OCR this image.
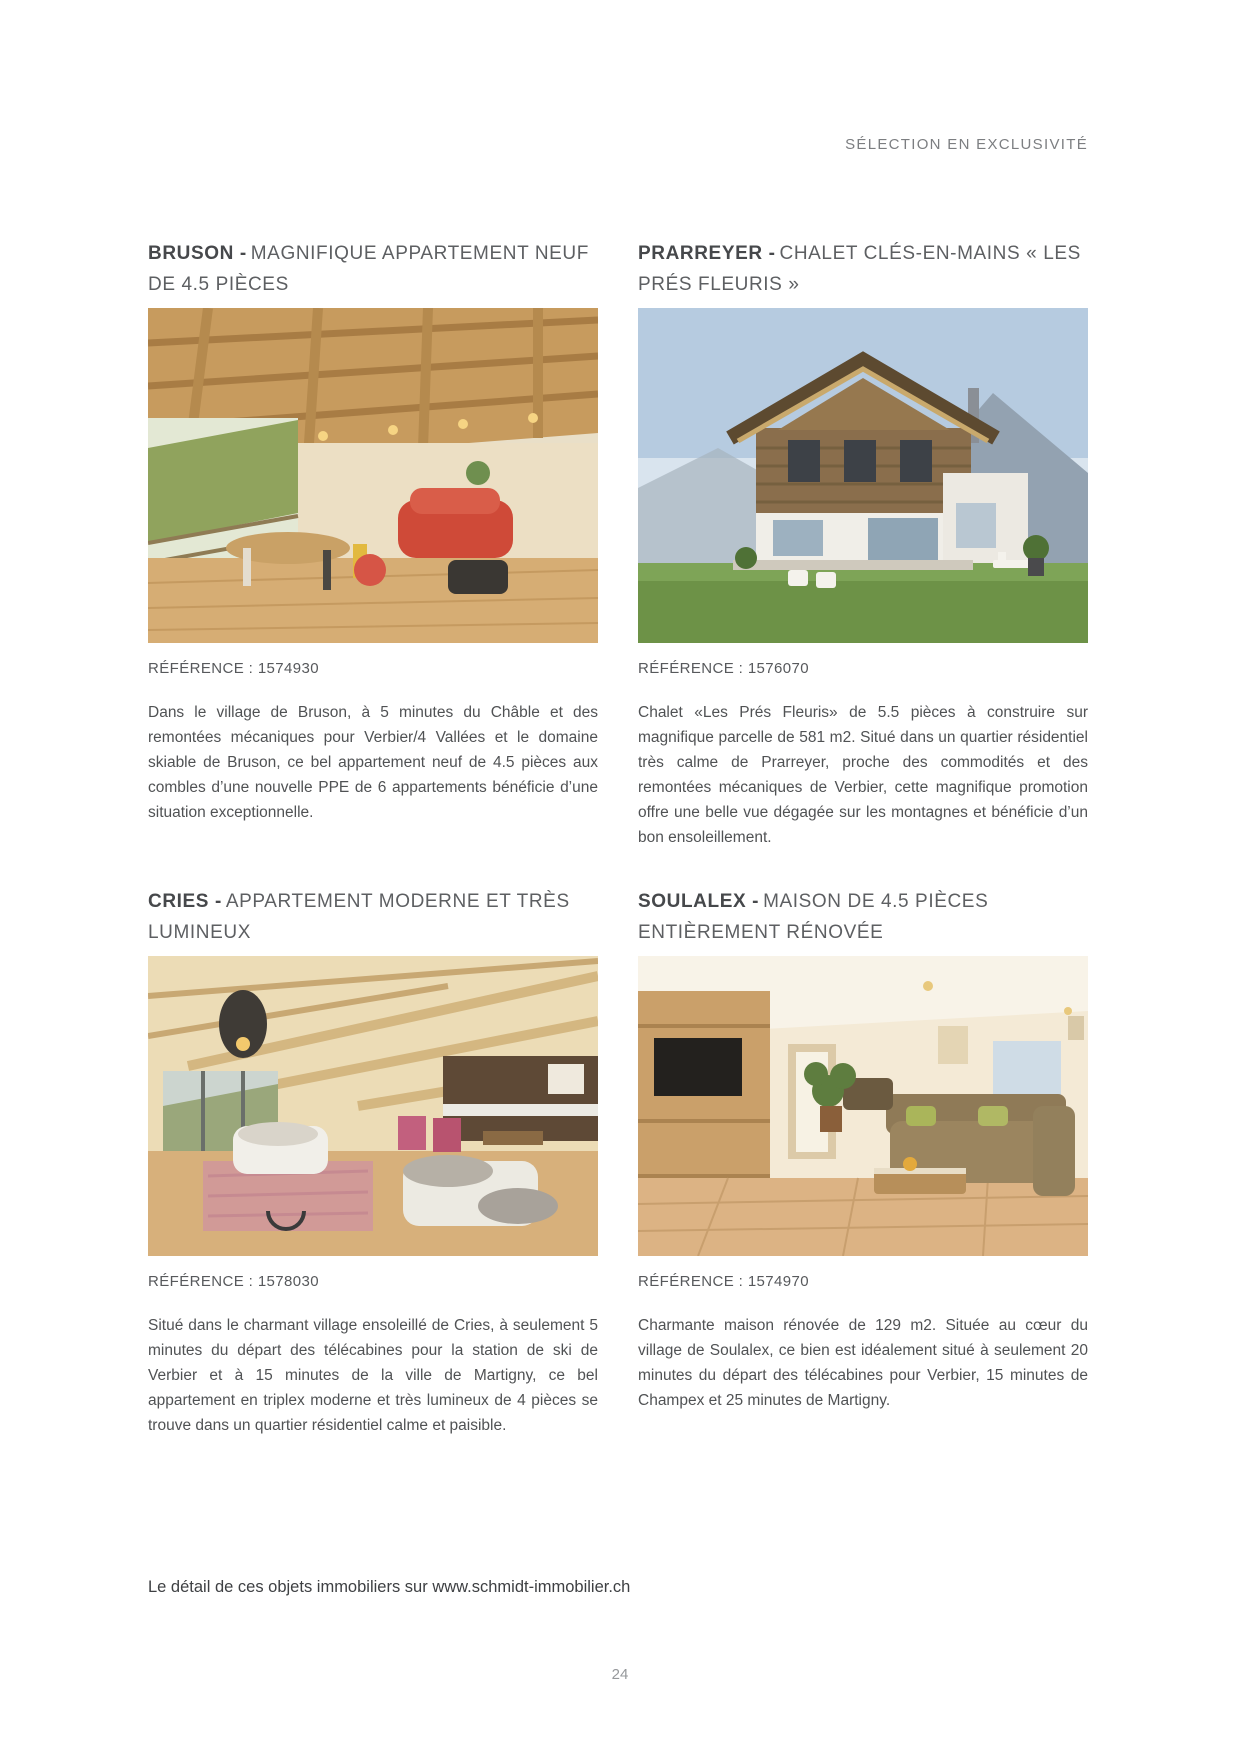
SÉLECTION EN EXCLUSIVITÉ
BRUSON - MAGNIFIQUE APPARTEMENT NEUF DE 4.5 PIÈCES
RÉFÉRENCE : 1574930

Dans le village de Bruson, à 5 minutes du Châble et des remontées mécaniques pour Verbier/4 Vallées et le domaine skiable de Bruson, ce bel appartement neuf de 4.5 pièces aux combles d’une nouvelle PPE de 6 appartements bénéficie d’une situation exceptionnelle.

PRARREYER - CHALET CLÉS-EN-MAINS « LES PRÉS FLEURIS »
RÉFÉRENCE : 1576070

Chalet «Les Prés Fleuris» de 5.5 pièces à construire sur magnifique parcelle de 581 m2. Situé dans un quartier résidentiel très calme de Prarreyer, proche des commodités et des remontées mécaniques de Verbier, cette magnifique promotion offre une belle vue dégagée sur les montagnes et bénéficie d’un bon ensoleillement.

CRIES - APPARTEMENT MODERNE ET TRÈS LUMINEUX
RÉFÉRENCE : 1578030

Situé dans le charmant village ensoleillé de Cries, à seulement 5 minutes du départ des télécabines pour la station de ski de Verbier et à 15 minutes de la ville de Martigny, ce bel appartement en triplex moderne et très lumineux de 4 pièces se trouve dans un quartier résidentiel calme et paisible.

SOULALEX - MAISON DE 4.5 PIÈCES ENTIÈREMENT RÉNOVÉE
RÉFÉRENCE : 1574970

Charmante maison rénovée de 129 m2. Située au cœur du village de Soulalex, ce bien est idéalement situé à seulement 20 minutes du départ des télécabines pour Verbier, 15 minutes de Champex et 25 minutes de Martigny.

Le détail de ces objets immobiliers sur www.schmidt-immobilier.ch
24
